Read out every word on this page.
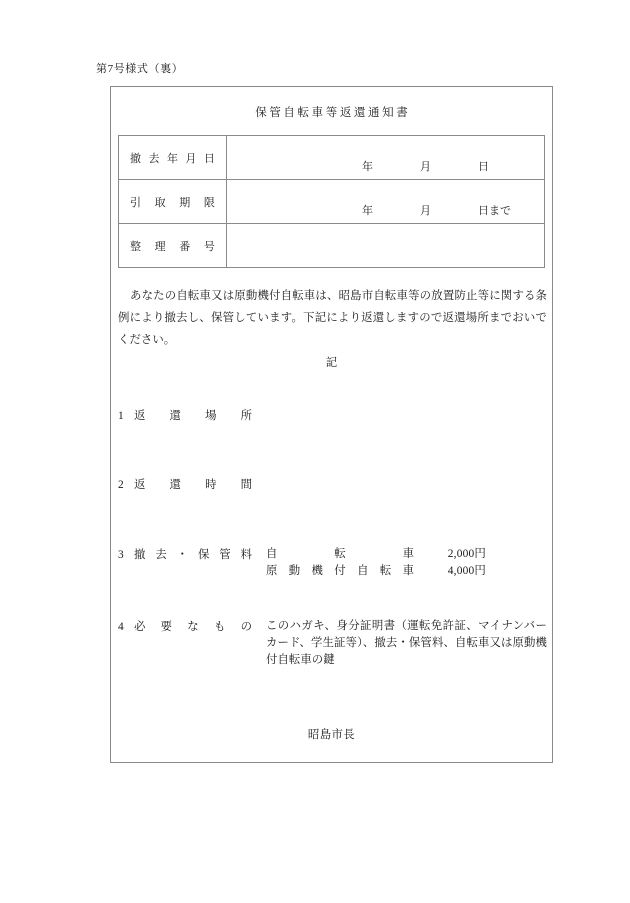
第7号様式（裏）
保管自転車等返還通知書
撤去年月日	年 月 日

引取期限	年 月 日まで

整理番号	

あなたの自転車又は原動機付自転車は、昭島市自転車等の放置防止等に関する条例により撤去し、保管しています。下記により返還しますので返還場所までおいでください。
記
1 返還場所
2 返還時間
3 撤去・保管料 自転車	2,000円
原動機付自転車	4,000円
4 必要なもの このハガキ、身分証明書（運転免許証、マイナンバーカード、学生証等）、撤去・保管料、自転車又は原動機付自転車の鍵
昭島市長
